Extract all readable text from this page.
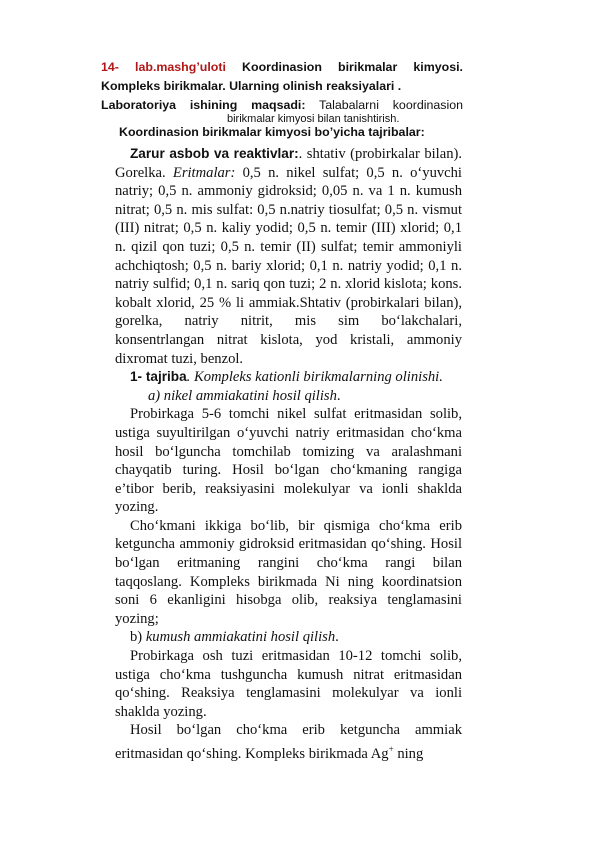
14- lab.mashg’uloti Koordinasion birikmalar kimyosi.
Kompleks birikmalar. Ularning olinish reaksiyalari .
Laboratoriya ishining maqsadi: Talabalarni koordinasion
birikmalar kimyosi bilan tanishtirish.
Koordinasion birikmalar kimyosi bo’yicha tajribalar:

Zarur asbob va reaktivlar:. shtativ (probirkalar bilan). Gorelka. Eritmalar: 0,5 n. nikel sulfat; 0,5 n. o‘yuvchi natriy; 0,5 n. ammoniy gidroksid; 0,05 n. va 1 n. kumush nitrat; 0,5 n. mis sulfat: 0,5 n.natriy tiosulfat; 0,5 n. vismut (III) nitrat; 0,5 n. kaliy yodid; 0,5 n. temir (III) xlorid; 0,1 n. qizil qon tuzi; 0,5 n. temir (II) sulfat; temir ammoniyli achchiqtosh; 0,5 n. bariy xlorid; 0,1 n. natriy yodid; 0,1 n. natriy sulfid; 0,1 n. sariq qon tuzi; 2 n. xlorid kislota; kons. kobalt xlorid, 25 % li ammiak.Shtativ (probirkalari bilan), gorelka, natriy nitrit, mis sim bo‘lakchalari, konsentrlangan nitrat kislota, yod kristali, ammoniy dixromat tuzi, benzol.

1- tajriba. Kompleks kationli birikmalarning olinishi.

a) nikel ammiakatini hosil qilish.

Probirkaga 5-6 tomchi nikel sulfat eritmasidan solib, ustiga suyultirilgan o‘yuvchi natriy eritmasidan cho‘kma hosil bo‘lguncha tomchilab tomizing va aralashmani chayqatib turing. Hosil bo‘lgan cho‘kmaning rangiga e’tibor berib, reaksiyasini molekulyar va ionli shaklda yozing.

Cho‘kmani ikkiga bo‘lib, bir qismiga cho‘kma erib ketguncha ammoniy gidroksid eritmasidan qo‘shing. Hosil bo‘lgan eritmaning rangini cho‘kma rangi bilan taqqoslang. Kompleks birikmada Ni ning koordinatsion soni 6 ekanligini hisobga olib, reaksiya tenglamasini yozing;

b) kumush ammiakatini hosil qilish.

Probirkaga osh tuzi eritmasidan 10-12 tomchi solib, ustiga cho‘kma tushguncha kumush nitrat eritmasidan qo‘shing. Reaksiya tenglamasini molekulyar va ionli shaklda yozing.

Hosil bo‘lgan cho‘kma erib ketguncha ammiak eritmasidan qo‘shing. Kompleks birikmada Ag+ ning
